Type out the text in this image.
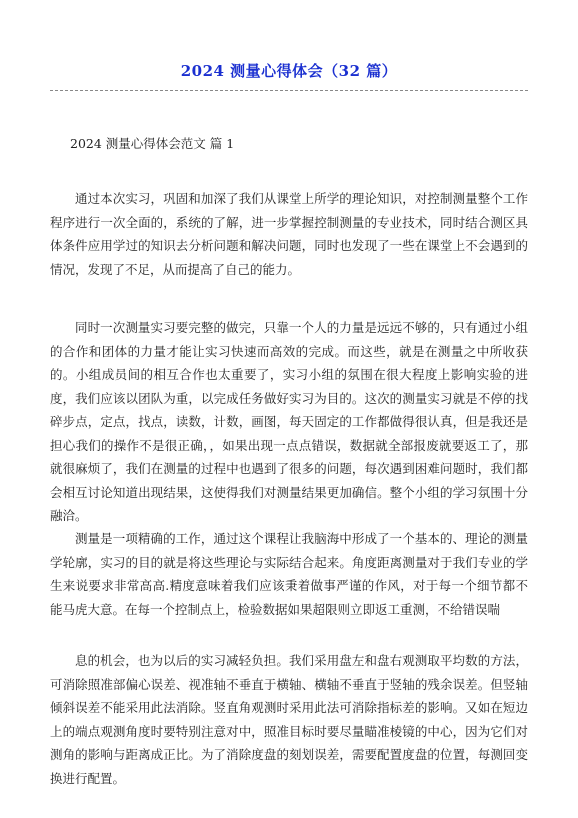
2024 测量心得体会（32 篇）
2024 测量心得体会范文 篇 1

通过本次实习，巩固和加深了我们从课堂上所学的理论知识，对控制测量整个工作程序进行一次全面的，系统的了解，进一步掌握控制测量的专业技术，同时结合测区具体条件应用学过的知识去分析问题和解决问题，同时也发现了一些在课堂上不会遇到的情况，发现了不足，从而提高了自己的能力。

同时一次测量实习要完整的做完，只靠一个人的力量是远远不够的，只有通过小组的合作和团体的力量才能让实习快速而高效的完成。而这些，就是在测量之中所收获的。小组成员间的相互合作也太重要了，实习小组的氛围在很大程度上影响实验的进度，我们应该以团队为重，以完成任务做好实习为目的。这次的测量实习就是不停的找碎步点，定点，找点，读数，计数，画图，每天固定的工作都做得很认真，但是我还是担心我们的操作不是很正确，，如果出现一点点错误，数据就全部报废就要返工了，那就很麻烦了，我们在测量的过程中也遇到了很多的问题，每次遇到困难问题时，我们都会相互讨论知道出现结果，这使得我们对测量结果更加确信。整个小组的学习氛围十分融洽。

测量是一项精确的工作，通过这个课程让我脑海中形成了一个基本的、理论的测量学轮廓，实习的目的就是将这些理论与实际结合起来。角度距离测量对于我们专业的学生来说要求非常高高.精度意味着我们应该秉着做事严谨的作风，对于每一个细节都不能马虎大意。在每一个控制点上，检验数据如果超限则立即返工重测，不给错误喘

息的机会，也为以后的实习减轻负担。我们采用盘左和盘右观测取平均数的方法，可消除照准部偏心误差、视准轴不垂直于横轴、横轴不垂直于竖轴的残余误差。但竖轴倾斜误差不能采用此法消除。竖直角观测时采用此法可消除指标差的影响。又如在短边上的端点观测角度时要特别注意对中，照准目标时要尽量瞄准棱镜的中心，因为它们对测角的影响与距离成正比。为了消除度盘的刻划误差，需要配置度盘的位置，每测回变换进行配置。
